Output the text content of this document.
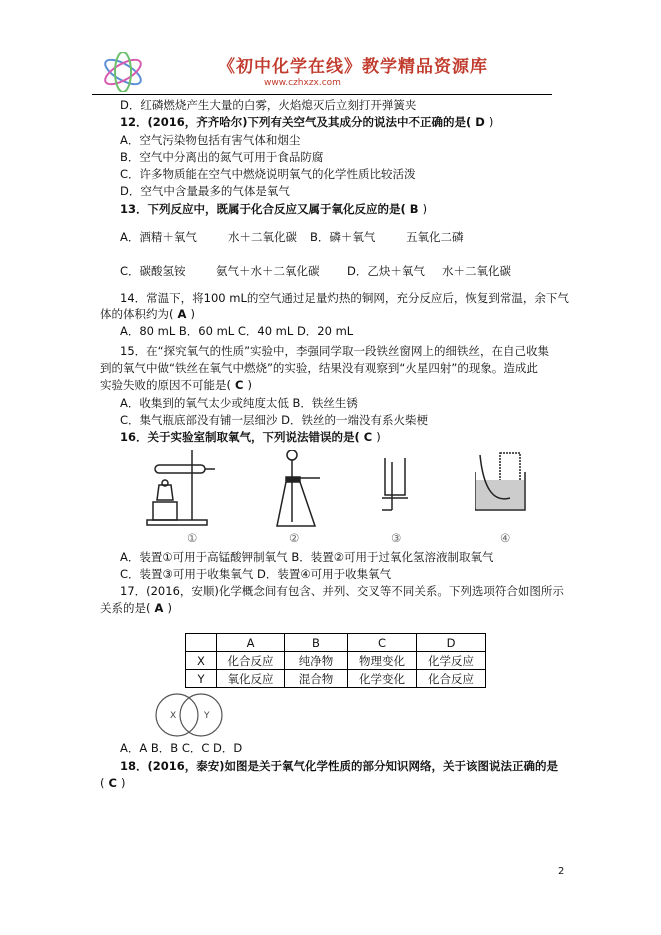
《初中化学在线》教学精品资源库
www.czhxzx.com
D．红磷燃烧产生大量的白雾，火焰熄灭后立刻打开弹簧夹
12．(2016，齐齐哈尔)下列有关空气及其成分的说法中不正确的是( D )
A．空气污染物包括有害气体和烟尘
B．空气中分离出的氮气可用于食品防腐
C．许多物质能在空气中燃烧说明氧气的化学性质比较活泼
D．空气中含量最多的气体是氧气
13．下列反应中，既属于化合反应又属于氧化反应的是( B )
A．酒精＋氧气	水＋二氧化碳 B．磷＋氧气	五氧化二磷
C．碳酸氢铵	氨气＋水＋二氧化碳 D．乙炔＋氧气 水＋二氧化碳
14．常温下，将100 mL的空气通过足量灼热的铜网，充分反应后，恢复到常温，余下气
体的体积约为( A )
A．80 mL B．60 mL C．40 mL D．20 mL
15．在“探究氧气的性质”实验中，李强同学取一段铁丝窗网上的细铁丝，在自己收集
到的氧气中做“铁丝在氧气中燃烧”的实验，结果没有观察到“火星四射”的现象。造成此
实验失败的原因不可能是( C )
A．收集到的氧气太少或纯度太低 B．铁丝生锈
C．集气瓶底部没有铺一层细沙 D．铁丝的一端没有系火柴梗
16．关于实验室制取氧气，下列说法错误的是( C )
①	②	③	④
A．装置①可用于高锰酸钾制氧气 B．装置②可用于过氧化氢溶液制取氧气
C．装置③可用于收集氧气 D．装置④可用于收集氧气
17．(2016，安顺)化学概念间有包含、并列、交叉等不同关系。下列选项符合如图所示
关系的是( A )
	A	B	C	D
X	化合反应	纯净物	物理变化	化学反应
Y	氧化反应	混合物	化学变化	化合反应
X	Y
A．A B．B C．C D．D
18．(2016，泰安)如图是关于氧气化学性质的部分知识网络，关于该图说法正确的是
( C )
2
